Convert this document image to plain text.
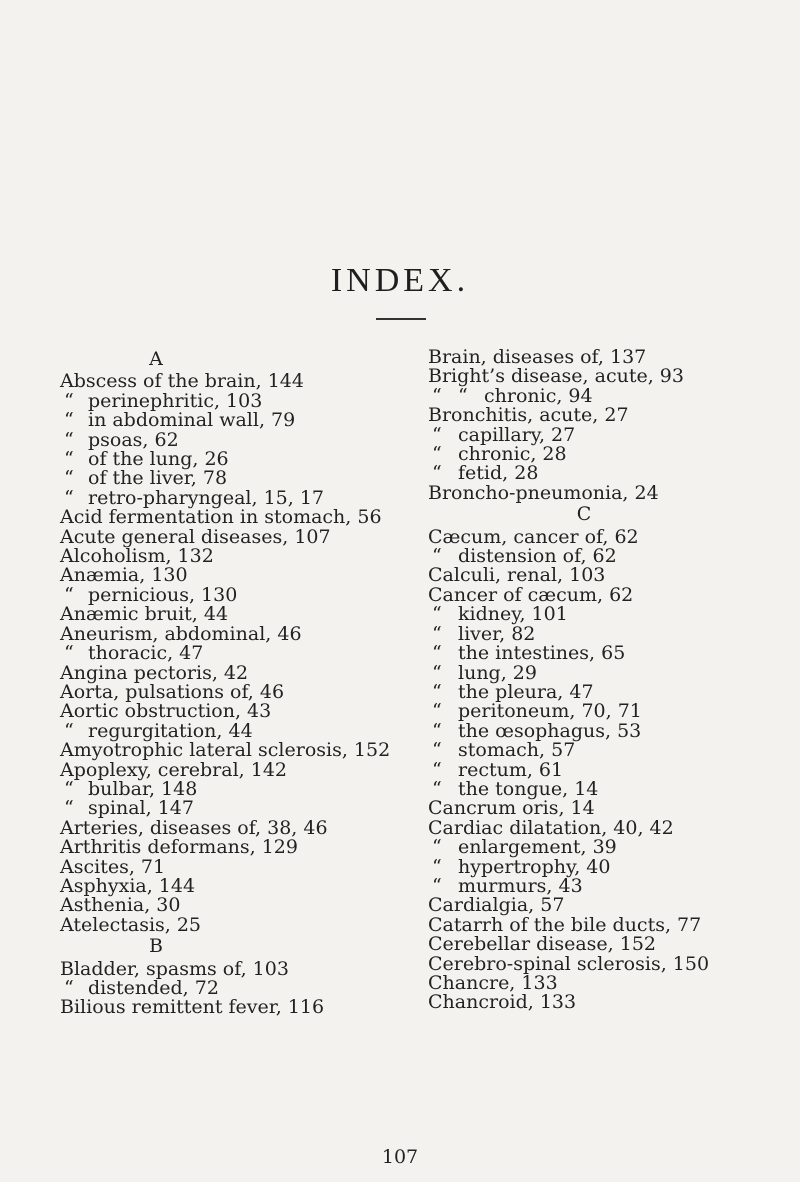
INDEX.
A
Abscess of the brain, 144
“ perinephritic, 103
“ in abdominal wall, 79
“ psoas, 62
“ of the lung, 26
“ of the liver, 78
“ retro-pharyngeal, 15, 17
Acid fermentation in stomach, 56
Acute general diseases, 107
Alcoholism, 132
Anæmia, 130
“ pernicious, 130
Anæmic bruit, 44
Aneurism, abdominal, 46
“ thoracic, 47
Angina pectoris, 42
Aorta, pulsations of, 46
Aortic obstruction, 43
“ regurgitation, 44
Amyotrophic lateral sclerosis, 152
Apoplexy, cerebral, 142
“ bulbar, 148
“ spinal, 147
Arteries, diseases of, 38, 46
Arthritis deformans, 129
Ascites, 71
Asphyxia, 144
Asthenia, 30
Atelectasis, 25
B
Bladder, spasms of, 103
“ distended, 72
Bilious remittent fever, 116
Brain, diseases of, 137
Bright’s disease, acute, 93
“ “ chronic, 94
Bronchitis, acute, 27
“ capillary, 27
“ chronic, 28
“ fetid, 28
Broncho-pneumonia, 24
C
Cæcum, cancer of, 62
“ distension of, 62
Calculi, renal, 103
Cancer of cæcum, 62
“ kidney, 101
“ liver, 82
“ the intestines, 65
“ lung, 29
“ the pleura, 47
“ peritoneum, 70, 71
“ the œsophagus, 53
“ stomach, 57
“ rectum, 61
“ the tongue, 14
Cancrum oris, 14
Cardiac dilatation, 40, 42
“ enlargement, 39
“ hypertrophy, 40
“ murmurs, 43
Cardialgia, 57
Catarrh of the bile ducts, 77
Cerebellar disease, 152
Cerebro-spinal sclerosis, 150
Chancre, 133
Chancroid, 133
107
